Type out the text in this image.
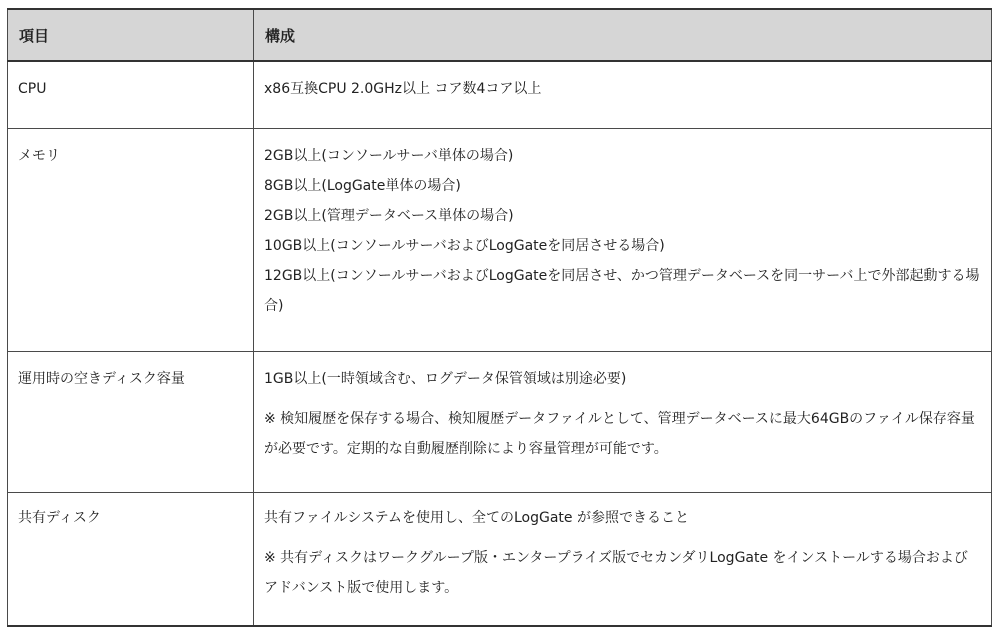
項目	構成
CPU	x86互換CPU 2.0GHz以上 コア数4コア以上

メモリ	2GB以上(コンソールサーバ単体の場合)

8GB以上(LogGate単体の場合)

2GB以上(管理データベース単体の場合)

10GB以上(コンソールサーバおよびLogGateを同居させる場合)

12GB以上(コンソールサーバおよびLogGateを同居させ、かつ管理データベースを同一サーバ上で外部起動する場合)

運用時の空きディスク容量	1GB以上(一時領域含む、ログデータ保管領域は別途必要)

※ 検知履歴を保存する場合、検知履歴データファイルとして、管理データベースに最大64GBのファイル保存容量が必要です。定期的な自動履歴削除により容量管理が可能です。

共有ディスク	共有ファイルシステムを使用し、全てのLogGate が参照できること

※ 共有ディスクはワークグループ版・エンタープライズ版でセカンダリLogGate をインストールする場合およびアドバンスト版で使用します。
